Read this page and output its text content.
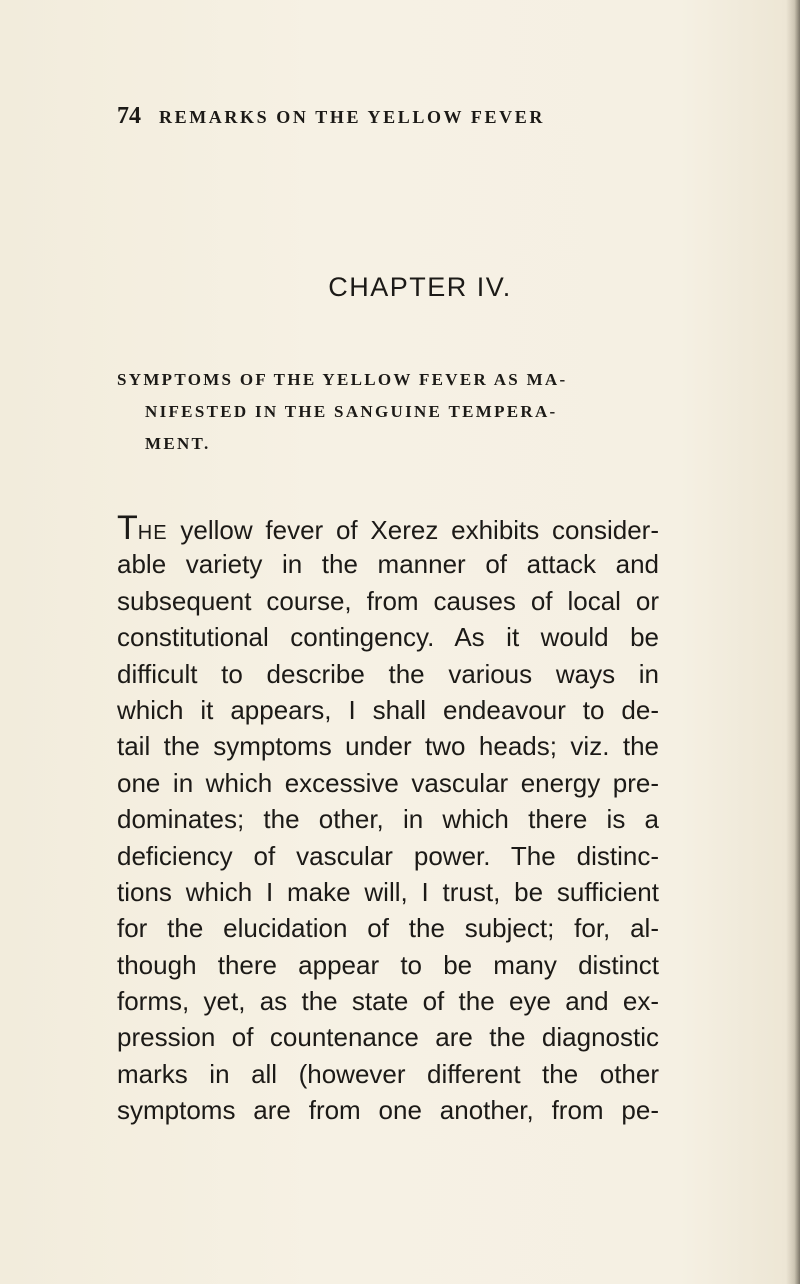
74 REMARKS ON THE YELLOW FEVER
CHAPTER IV.
SYMPTOMS OF THE YELLOW FEVER AS MA-
NIFESTED IN THE SANGUINE TEMPERA-
MENT.
THE yellow fever of Xerez exhibits consider-
able variety in the manner of attack and
subsequent course, from causes of local or
constitutional contingency. As it would be
difficult to describe the various ways in
which it appears, I shall endeavour to de-
tail the symptoms under two heads; viz. the
one in which excessive vascular energy pre-
dominates; the other, in which there is a
deficiency of vascular power. The distinc-
tions which I make will, I trust, be sufficient
for the elucidation of the subject; for, al-
though there appear to be many distinct
forms, yet, as the state of the eye and ex-
pression of countenance are the diagnostic
marks in all (however different the other
symptoms are from one another, from pe-
